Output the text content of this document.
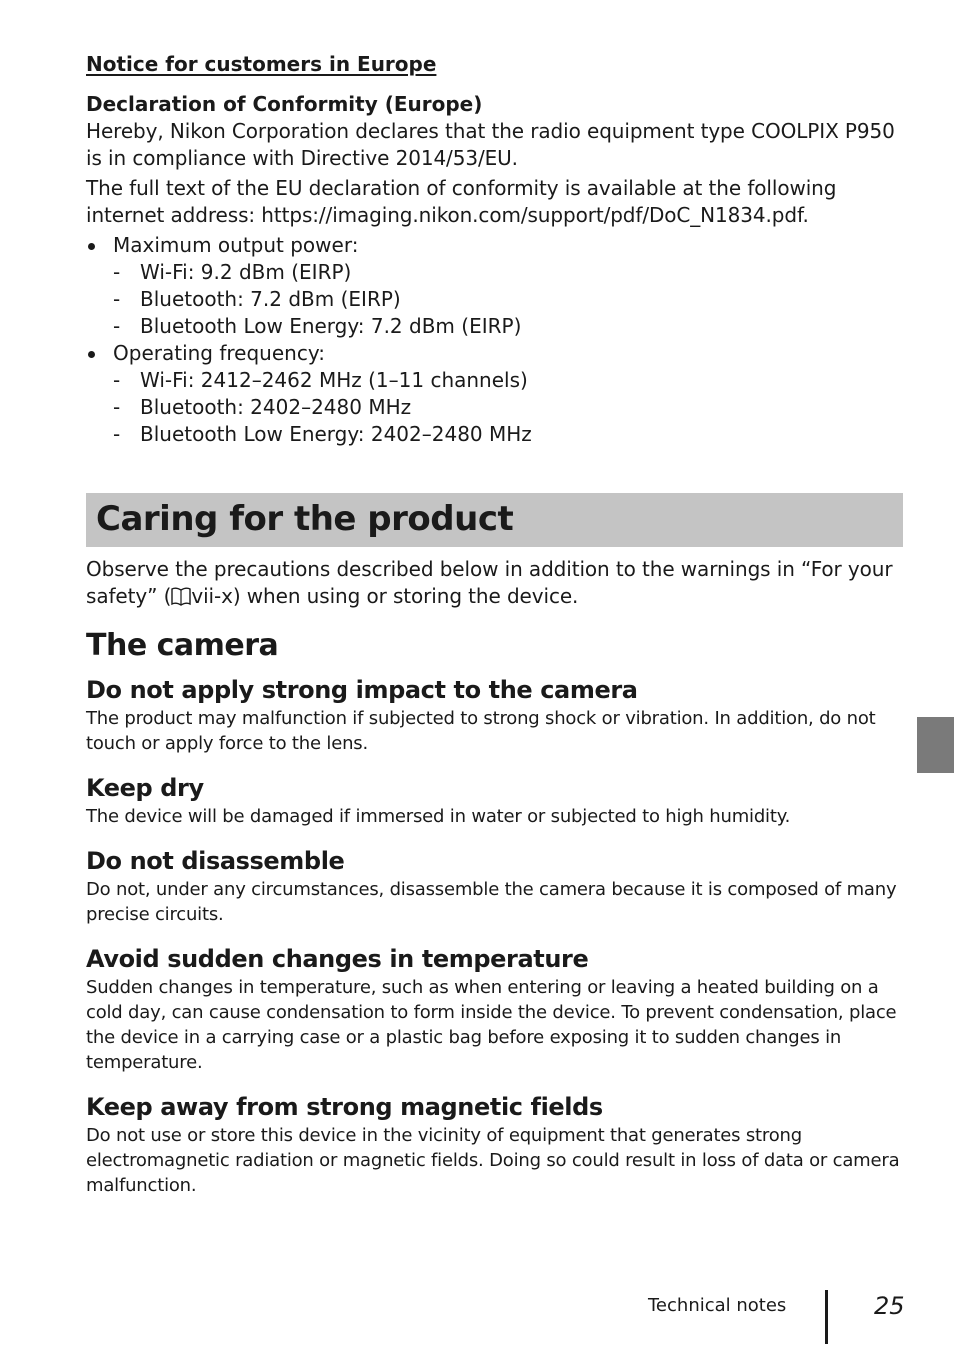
Notice for customers in Europe
Declaration of Conformity (Europe)

Hereby, Nikon Corporation declares that the radio equipment type COOLPIX P950 is in compliance with Directive 2014/53/EU.

The full text of the EU declaration of conformity is available at the following internet address: https://imaging.nikon.com/support/pdf/DoC_N1834.pdf.

Maximum output power:
- Wi-Fi: 9.2 dBm (EIRP)
- Bluetooth: 7.2 dBm (EIRP)
- Bluetooth Low Energy: 7.2 dBm (EIRP)
Operating frequency:
- Wi-Fi: 2412–2462 MHz (1–11 channels)
- Bluetooth: 2402–2480 MHz
- Bluetooth Low Energy: 2402–2480 MHz
Caring for the product

Observe the precautions described below in addition to the warnings in “For your safety” ( vii-x) when using or storing the device.

The camera
Do not apply strong impact to the camera

The product may malfunction if subjected to strong shock or vibration. In addition, do not touch or apply force to the lens.

Keep dry

The device will be damaged if immersed in water or subjected to high humidity.

Do not disassemble

Do not, under any circumstances, disassemble the camera because it is composed of many precise circuits.

Avoid sudden changes in temperature

Sudden changes in temperature, such as when entering or leaving a heated building on a cold day, can cause condensation to form inside the device. To prevent condensation, place the device in a carrying case or a plastic bag before exposing it to sudden changes in temperature.

Keep away from strong magnetic fields

Do not use or store this device in the vicinity of equipment that generates strong electromagnetic radiation or magnetic fields. Doing so could result in loss of data or camera malfunction.

Technical notes	25
